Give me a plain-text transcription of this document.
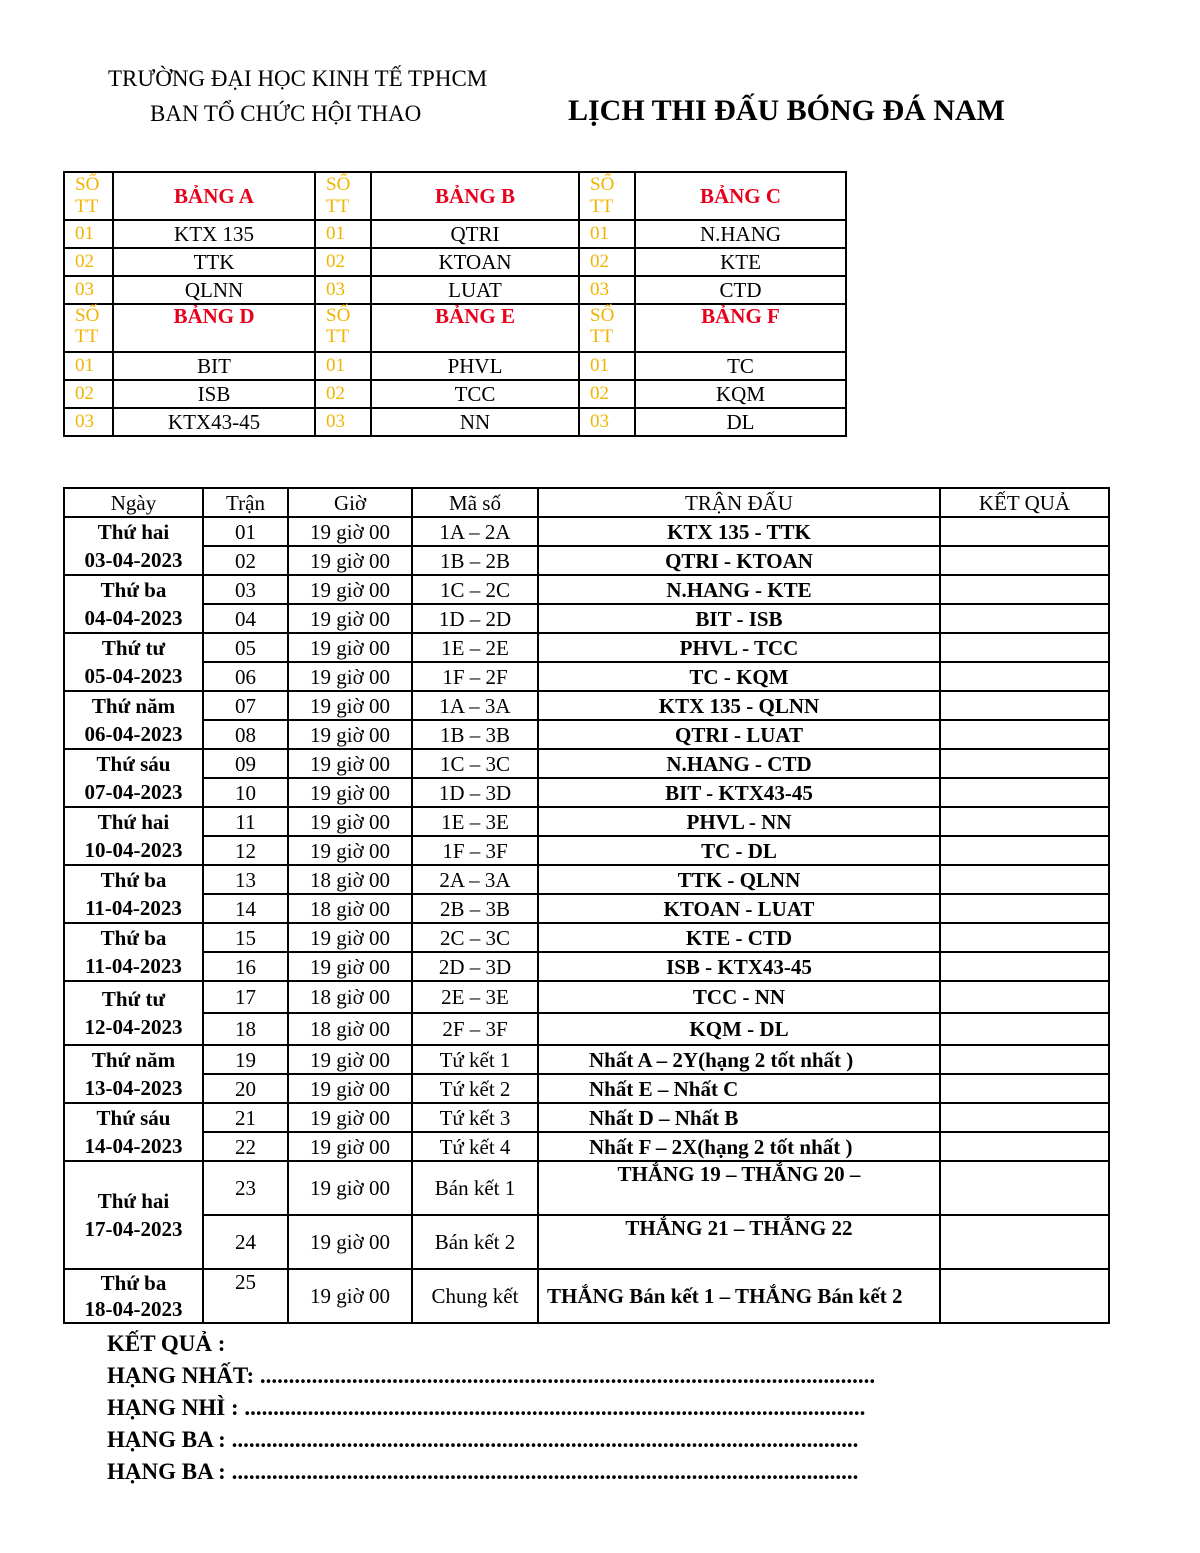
TRƯỜNG ĐẠI HỌC KINH TẾ TPHCM
BAN TỔ CHỨC HỘI THAO	LỊCH THI ĐẤU BÓNG ĐÁ NAM
SỐ TT	BẢNG A	SỐ TT	BẢNG B	SỐ TT	BẢNG C
01	KTX 135	01	QTRI	01	N.HANG
02	TTK	02	KTOAN	02	KTE
03	QLNN	03	LUAT	03	CTD
SỐ TT	BẢNG D	SỐ TT	BẢNG E	SỐ TT	BẢNG F
01	BIT	01	PHVL	01	TC
02	ISB	02	TCC	02	KQM
03	KTX43-45	03	NN	03	DL
Ngày	Trận	Giờ	Mã số	TRẬN ĐẤU	KẾT QUẢ

Thứ hai
03-04-2023	01	19 giờ 00	1A – 2A	KTX 135 - TTK	
	02	19 giờ 00	1B – 2B	QTRI - KTOAN	

Thứ ba
04-04-2023	03	19 giờ 00	1C – 2C	N.HANG - KTE	
	04	19 giờ 00	1D – 2D	BIT - ISB	

Thứ tư
05-04-2023	05	19 giờ 00	1E – 2E	PHVL - TCC	
	06	19 giờ 00	1F – 2F	TC - KQM	

Thứ năm
06-04-2023	07	19 giờ 00	1A – 3A	KTX 135 - QLNN	
	08	19 giờ 00	1B – 3B	QTRI - LUAT	

Thứ sáu
07-04-2023	09	19 giờ 00	1C – 3C	N.HANG - CTD	
	10	19 giờ 00	1D – 3D	BIT - KTX43-45	

Thứ hai
10-04-2023	11	19 giờ 00	1E – 3E	PHVL - NN	
	12	19 giờ 00	1F – 3F	TC - DL	

Thứ ba
11-04-2023	13	18 giờ 00	2A – 3A	TTK - QLNN	
	14	18 giờ 00	2B – 3B	KTOAN - LUAT	

Thứ ba
11-04-2023	15	19 giờ 00	2C – 3C	KTE - CTD	
	16	19 giờ 00	2D – 3D	ISB - KTX43-45	

Thứ tư
12-04-2023	17	18 giờ 00	2E – 3E	TCC - NN	
	18	18 giờ 00	2F – 3F	KQM - DL	

Thứ năm
13-04-2023	19	19 giờ 00	Tứ kết 1	Nhất A – 2Y(hạng 2 tốt nhất )	
	20	19 giờ 00	Tứ kết 2	Nhất E – Nhất C	

Thứ sáu
14-04-2023	21	19 giờ 00	Tứ kết 3	Nhất D – Nhất B	
	22	19 giờ 00	Tứ kết 4	Nhất F – 2X(hạng 2 tốt nhất )	

Thứ hai
17-04-2023	23	19 giờ 00	Bán kết 1	THẮNG 19 – THẮNG 20 –	
	24	19 giờ 00	Bán kết 2	THẮNG 21 – THẮNG 22	

Thứ ba
18-04-2023	25	19 giờ 00	Chung kết	THẮNG Bán kết 1 – THẮNG Bán kết 2	
KẾT QUẢ :
HẠNG NHẤT: ...........................................................................................................
HẠNG NHÌ : ............................................................................................................
HẠNG BA : .............................................................................................................
HẠNG BA : .............................................................................................................
